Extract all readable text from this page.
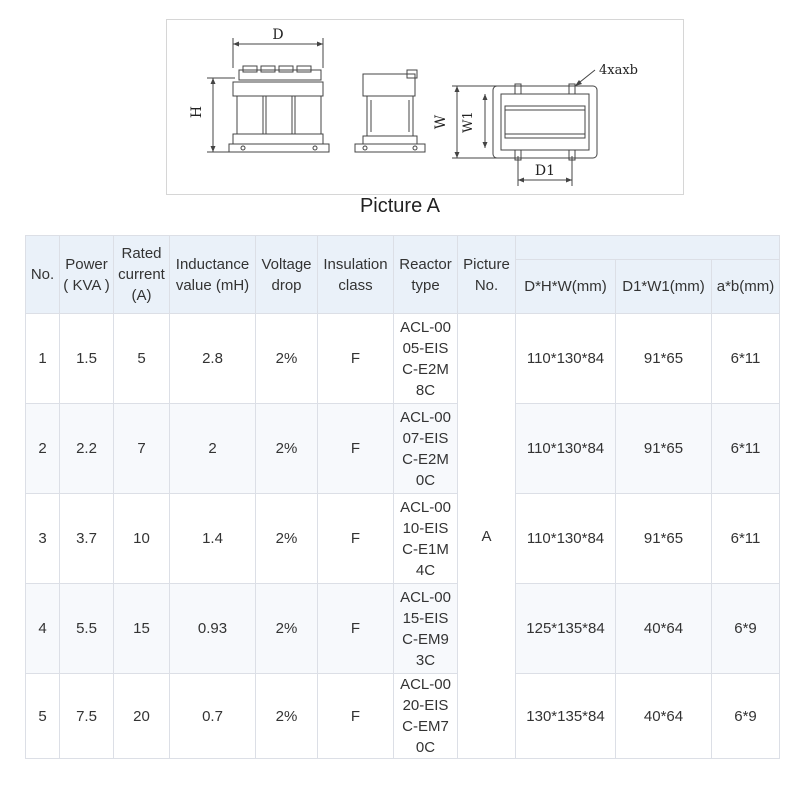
D
H
W W1
4xaxb
D1
Picture A
No.	Power ( KVA )	Rated current (A)	Inductance value (mH)	Voltage drop	Insulation class	Reactor type	Picture No.			
								D*H*W(mm)	D1*W1(mm)	a*b(mm)
1	1.5	5	2.8	2%	F	ACL-0005-EISC-E2M8C	A	110*130*84	91*65	6*11
2	2.2	7	2	2%	F	ACL-0007-EISC-E2M0C		110*130*84	91*65	6*11
3	3.7	10	1.4	2%	F	ACL-0010-EISC-E1M4C		110*130*84	91*65	6*11
4	5.5	15	0.93	2%	F	ACL-0015-EISC-EM93C		125*135*84	40*64	6*9
5	7.5	20	0.7	2%	F	ACL-0020-EISC-EM70C		130*135*84	40*64	6*9
